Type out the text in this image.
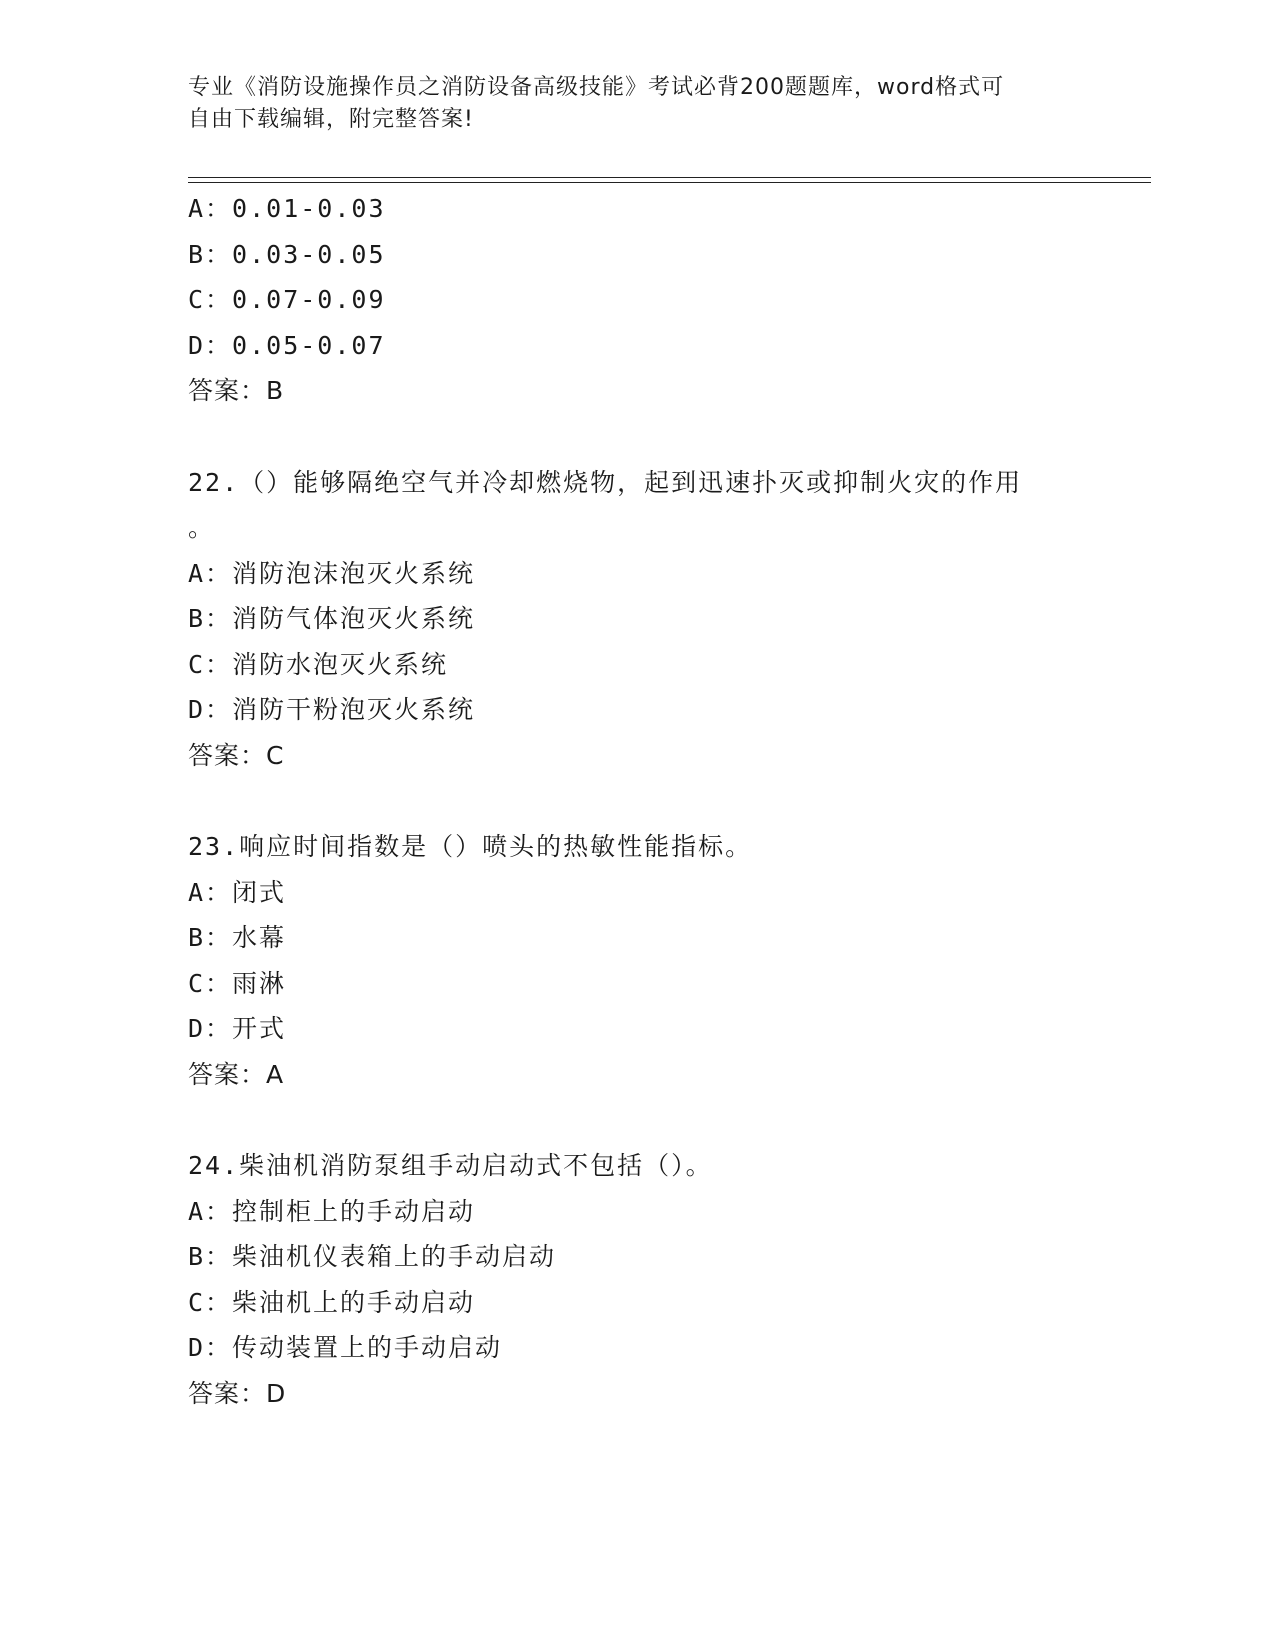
专业《消防设施操作员之消防设备高级技能》考试必背200题题库，word格式可
自由下载编辑，附完整答案!
A：0.01-0.03
B：0.03-0.05
C：0.07-0.09
D：0.05-0.07
答案：B
22.（）能够隔绝空气并冷却燃烧物，起到迅速扑灭或抑制火灾的作用
。
A：消防泡沫泡灭火系统
B：消防气体泡灭火系统
C：消防水泡灭火系统
D：消防干粉泡灭火系统
答案：C
23.响应时间指数是（）喷头的热敏性能指标。
A：闭式
B：水幕
C：雨淋
D：开式
答案：A
24.柴油机消防泵组手动启动式不包括（）。
A：控制柜上的手动启动
B：柴油机仪表箱上的手动启动
C：柴油机上的手动启动
D：传动装置上的手动启动
答案：D
